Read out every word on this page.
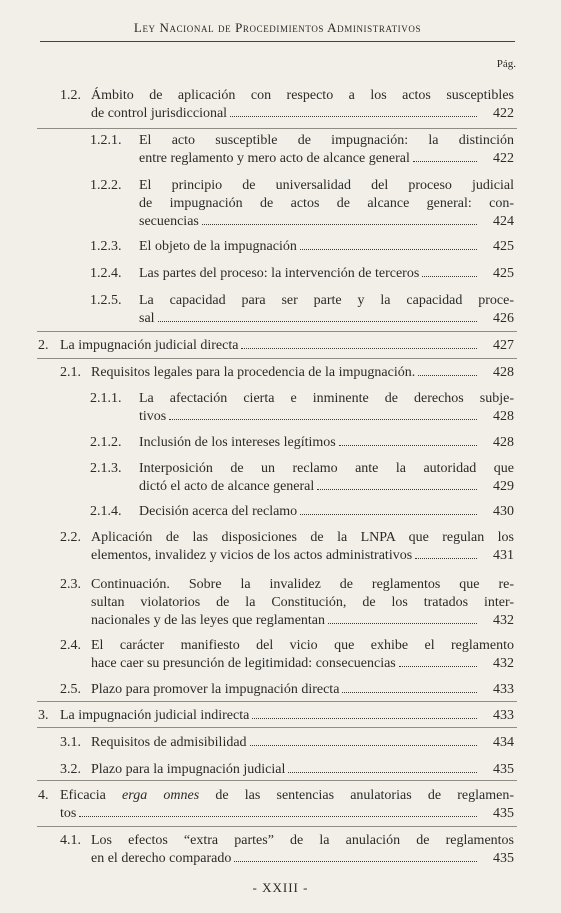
Ley Nacional de Procedimientos Administrativos
Pág.
1.2. Ámbito de aplicación con respecto a los actos susceptibles
de control jurisdiccional	422
1.2.1. El acto susceptible de impugnación: la distinción
entre reglamento y mero acto de alcance general	422
1.2.2. El principio de universalidad del proceso judicial
de impugnación de actos de alcance general: con-
secuencias	424
1.2.3. El objeto de la impugnación	425
1.2.4. Las partes del proceso: la intervención de terceros	425
1.2.5. La capacidad para ser parte y la capacidad proce-
sal	426
2. La impugnación judicial directa	427
2.1. Requisitos legales para la procedencia de la impugnación.	428
2.1.1. La afectación cierta e inminente de derechos subje-
tivos	428
2.1.2. Inclusión de los intereses legítimos	428
2.1.3. Interposición de un reclamo ante la autoridad que
dictó el acto de alcance general	429
2.1.4. Decisión acerca del reclamo	430
2.2. Aplicación de las disposiciones de la LNPA que regulan los
elementos, invalidez y vicios de los actos administrativos	431
2.3. Continuación. Sobre la invalidez de reglamentos que re-
sultan violatorios de la Constitución, de los tratados inter-
nacionales y de las leyes que reglamentan	432
2.4. El carácter manifiesto del vicio que exhibe el reglamento
hace caer su presunción de legitimidad: consecuencias	432
2.5. Plazo para promover la impugnación directa	433
3. La impugnación judicial indirecta	433
3.1. Requisitos de admisibilidad	434
3.2. Plazo para la impugnación judicial	435
4. Eficacia erga omnes de las sentencias anulatorias de reglamen-
tos	435
4.1. Los efectos “extra partes” de la anulación de reglamentos
en el derecho comparado	435
- XXIII -
